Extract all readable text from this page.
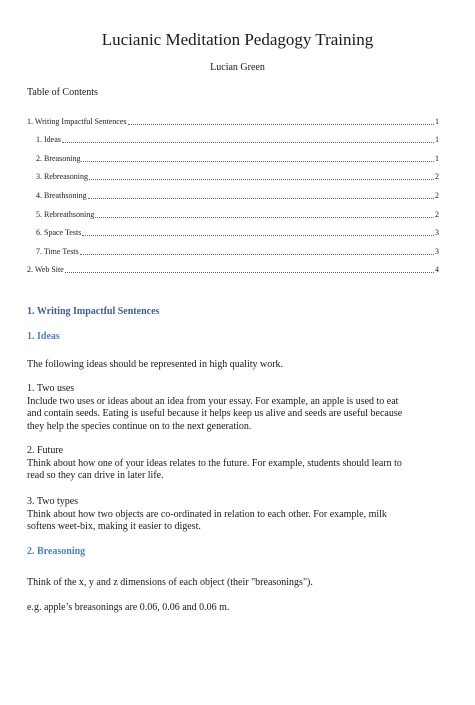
Lucianic Meditation Pedagogy Training
Lucian Green
Table of Contents
1. Writing Impactful Sentences	1
1. Ideas	1
2. Breasoning	1
3. Rebreasoning	2
4. Breathsoning	2
5. Rebreathsoning	2
6. Space Tests	3
7. Time Tests	3
2. Web Site	4
1. Writing Impactful Sentences
1. Ideas
The following ideas should be represented in high quality work.
1. Two uses
Include two uses or ideas about an idea from your essay. For example, an apple is used to eat
and contain seeds. Eating is useful because it helps keep us alive and seeds are useful because
they help the species continue on to the next generation.
2. Future
Think about how one of your ideas relates to the future. For example, students should learn to
read so they can drive in later life.
3. Two types
Think about how two objects are co-ordinated in relation to each other. For example, milk
softens weet-bix, making it easier to digest.
2. Breasoning
Think of the x, y and z dimensions of each object (their "breasonings").
e.g. apple’s breasonings are 0.06, 0.06 and 0.06 m.
